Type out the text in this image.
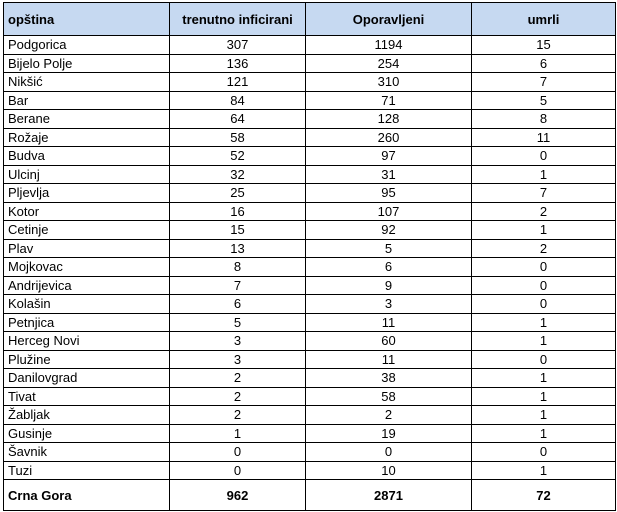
opština	trenutno inficirani	Oporavljeni	umrli
Podgorica	307	1194	15
Bijelo Polje	136	254	6
Nikšić	121	310	7
Bar	84	71	5
Berane	64	128	8
Rožaje	58	260	11
Budva	52	97	0
Ulcinj	32	31	1
Pljevlja	25	95	7
Kotor	16	107	2
Cetinje	15	92	1
Plav	13	5	2
Mojkovac	8	6	0
Andrijevica	7	9	0
Kolašin	6	3	0
Petnjica	5	11	1
Herceg Novi	3	60	1
Plužine	3	11	0
Danilovgrad	2	38	1
Tivat	2	58	1
Žabljak	2	2	1
Gusinje	1	19	1
Šavnik	0	0	0
Tuzi	0	10	1
Crna Gora	962	2871	72
